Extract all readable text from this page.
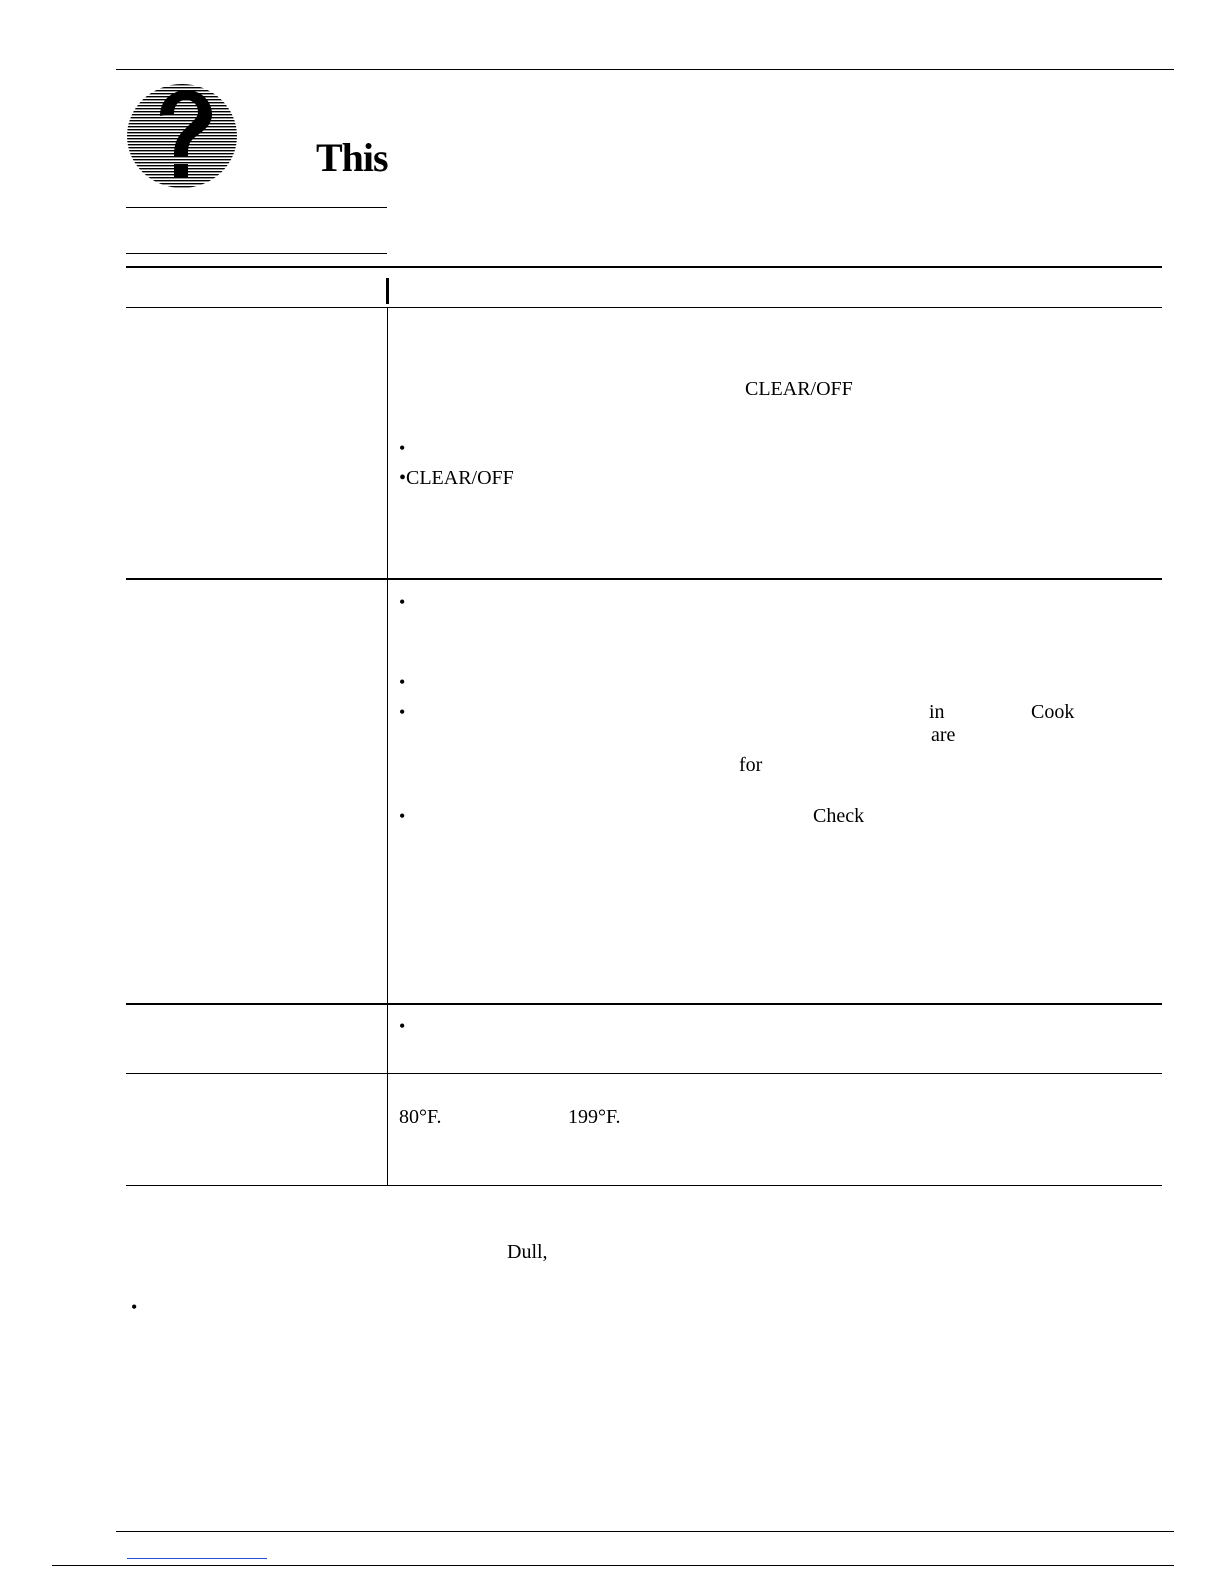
This
CLEAR/OFF
•
•CLEAR/OFF
•
•
•	in	Cook
are
for
•	Check
•
80°F.	199°F.
Dull,
•
